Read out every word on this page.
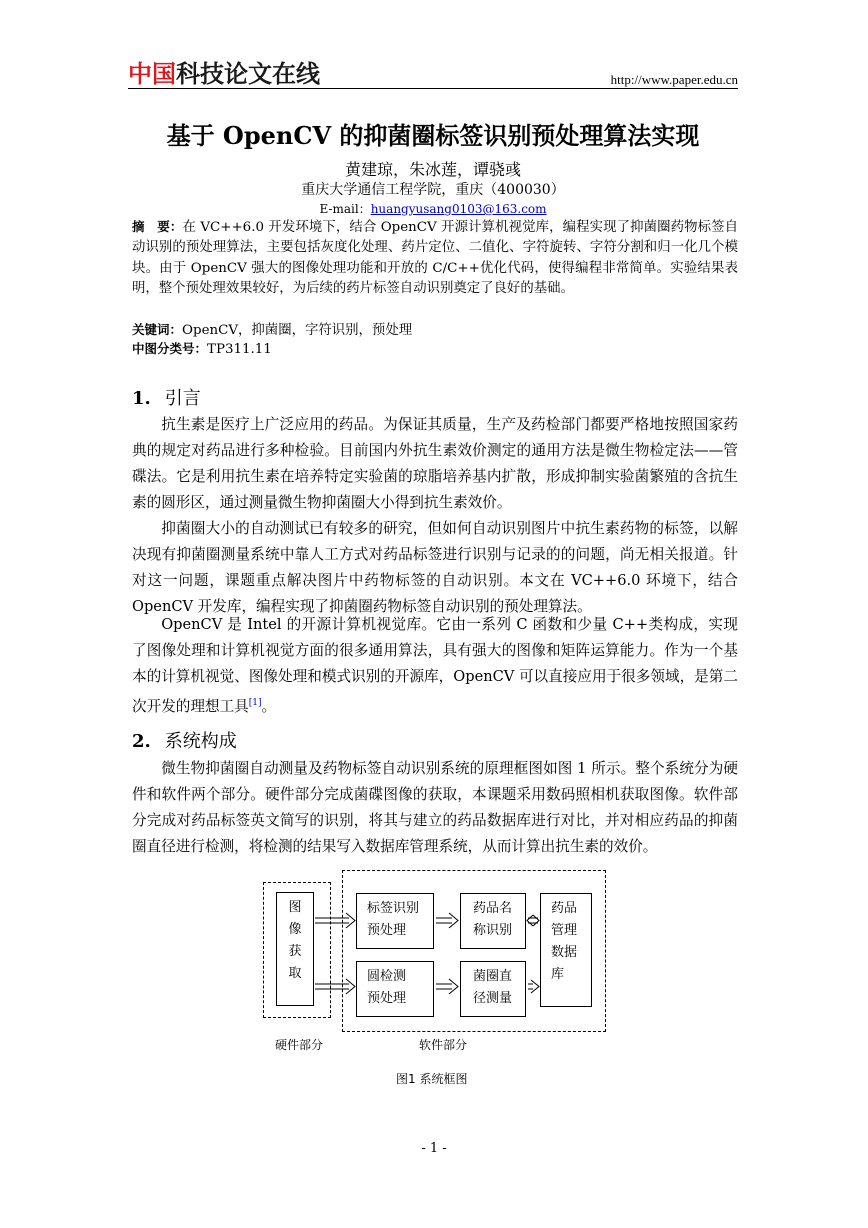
中国科技论文在线	http://www.paper.edu.cn
基于 OpenCV 的抑菌圈标签识别预处理算法实现
黄建琼，朱冰莲，谭骁彧
重庆大学通信工程学院，重庆（400030）
E-mail：huangyusang0103@163.com
摘　要：在 VC++6.0 开发环境下，结合 OpenCV 开源计算机视觉库，编程实现了抑菌圈药物标签自动识别的预处理算法，主要包括灰度化处理、药片定位、二值化、字符旋转、字符分割和归一化几个模块。由于 OpenCV 强大的图像处理功能和开放的 C/C++优化代码，使得编程非常简单。实验结果表明，整个预处理效果较好，为后续的药片标签自动识别奠定了良好的基础。
关键词：OpenCV，抑菌圈，字符识别，预处理
中图分类号：TP311.11
1. 引言
抗生素是医疗上广泛应用的药品。为保证其质量，生产及药检部门都要严格地按照国家药典的规定对药品进行多种检验。目前国内外抗生素效价测定的通用方法是微生物检定法——管碟法。它是利用抗生素在培养特定实验菌的琼脂培养基内扩散，形成抑制实验菌繁殖的含抗生素的圆形区，通过测量微生物抑菌圈大小得到抗生素效价。
抑菌圈大小的自动测试已有较多的研究，但如何自动识别图片中抗生素药物的标签，以解决现有抑菌圈测量系统中靠人工方式对药品标签进行识别与记录的的问题，尚无相关报道。针对这一问题，课题重点解决图片中药物标签的自动识别。本文在 VC++6.0 环境下，结合 OpenCV 开发库，编程实现了抑菌圈药物标签自动识别的预处理算法。
OpenCV 是 Intel 的开源计算机视觉库。它由一系列 C 函数和少量 C++类构成，实现了图像处理和计算机视觉方面的很多通用算法，具有强大的图像和矩阵运算能力。作为一个基本的计算机视觉、图像处理和模式识别的开源库，OpenCV 可以直接应用于很多领域，是第二次开发的理想工具[1]。
2. 系统构成
微生物抑菌圈自动测量及药物标签自动识别系统的原理框图如图 1 所示。整个系统分为硬件和软件两个部分。硬件部分完成菌碟图像的获取，本课题采用数码照相机获取图像。软件部分完成对药品标签英文简写的识别，将其与建立的药品数据库进行对比，并对相应药品的抑菌圈直径进行检测，将检测的结果写入数据库管理系统，从而计算出抗生素的效价。
图
像
获
取
标签识别
预处理
药品名
称识别
药品
管理
数据
库
圆检测
预处理
菌圈直
径测量
硬件部分	软件部分
图1 系统框图
- 1 -
